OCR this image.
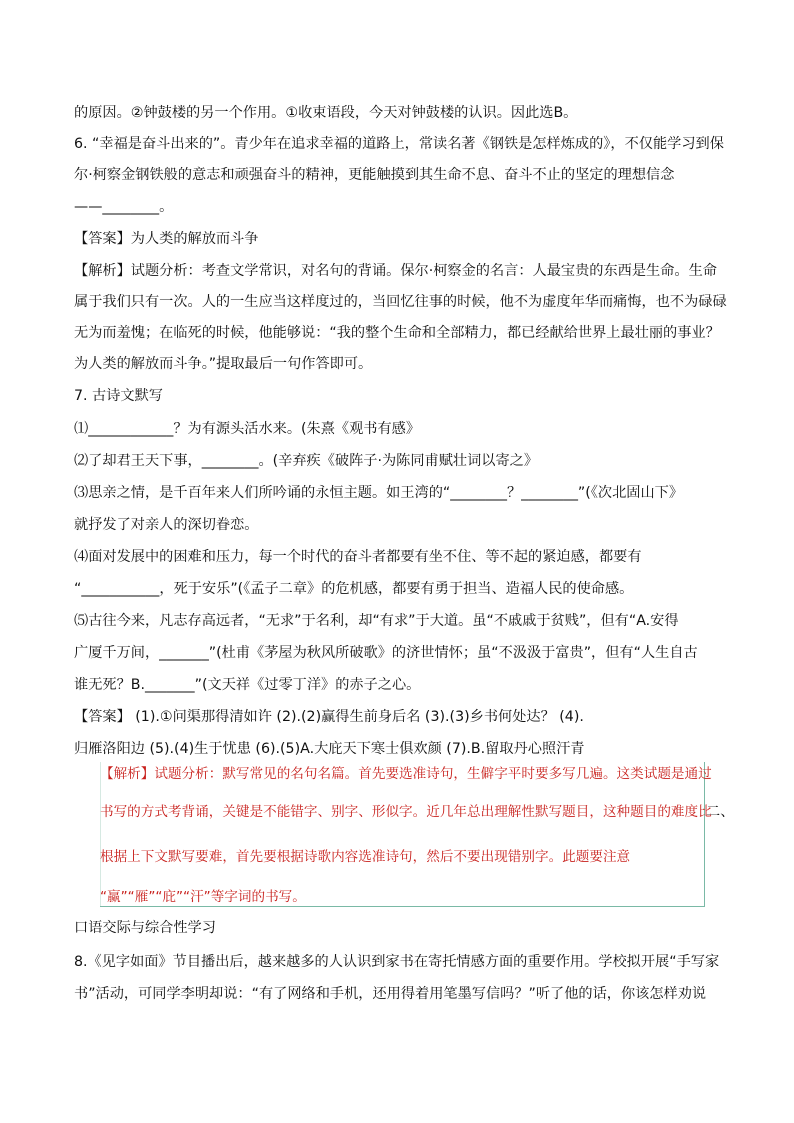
的原因。②钟鼓楼的另一个作用。①收束语段，今天对钟鼓楼的认识。因此选B。

6. “幸福是奋斗出来的”。青少年在追求幸福的道路上，常读名著《钢铁是怎样炼成的》，不仅能学习到保

尔·柯察金钢铁般的意志和顽强奋斗的精神，更能触摸到其生命不息、奋斗不止的坚定的理想信念

——________。

【答案】为人类的解放而斗争

【解析】试题分析：考查文学常识，对名句的背诵。保尔·柯察金的名言：人最宝贵的东西是生命。生命

属于我们只有一次。人的一生应当这样度过的，当回忆往事的时候，他不为虚度年华而痛悔，也不为碌碌

无为而羞愧；在临死的时候，他能够说：“我的整个生命和全部精力，都已经献给世界上最壮丽的事业？

为人类的解放而斗争。”提取最后一句作答即可。

7. 古诗文默写

⑴____________？为有源头活水来。(朱熹《观书有感》

⑵了却君王天下事，________。(辛弃疾《破阵子·为陈同甫赋壮词以寄之》

⑶思亲之情，是千百年来人们所吟诵的永恒主题。如王湾的“________？________”(《次北固山下》

就抒发了对亲人的深切眷恋。

⑷面对发展中的困难和压力，每一个时代的奋斗者都要有坐不住、等不起的紧迫感，都要有

“___________，死于安乐”(《孟子二章》的危机感，都要有勇于担当、造福人民的使命感。

⑸古往今来，凡志存高远者，“无求”于名利，却“有求”于大道。虽“不戚戚于贫贱”，但有“A.安得

广厦千万间，_______”(杜甫《茅屋为秋风所破歌》的济世情怀；虽“不汲汲于富贵”，但有“人生自古

谁无死？B._______”(文天祥《过零丁洋》的赤子之心。

【答案】 (1).①问渠那得清如许 (2).(2)赢得生前身后名 (3).(3)乡书何处达？ (4).

归雁洛阳边 (5).(4)生于忧患 (6).(5)A.大庇天下寒士俱欢颜 (7).B.留取丹心照汗青

【解析】试题分析：默写常见的名句名篇。首先要选准诗句，生僻字平时要多写几遍。这类试题是通过

书写的方式考背诵，关键是不能错字、别字、形似字。近几年总出理解性默写题目，这种题目的难度比

根据上下文默写要难，首先要根据诗歌内容选准诗句，然后不要出现错别字。此题要注意

“赢”“雁”“庇”“汗”等字词的书写。

二、

口语交际与综合性学习

8.《见字如面》节目播出后，越来越多的人认识到家书在寄托情感方面的重要作用。学校拟开展“手写家

书”活动，可同学李明却说：“有了网络和手机，还用得着用笔墨写信吗？”听了他的话，你该怎样劝说
